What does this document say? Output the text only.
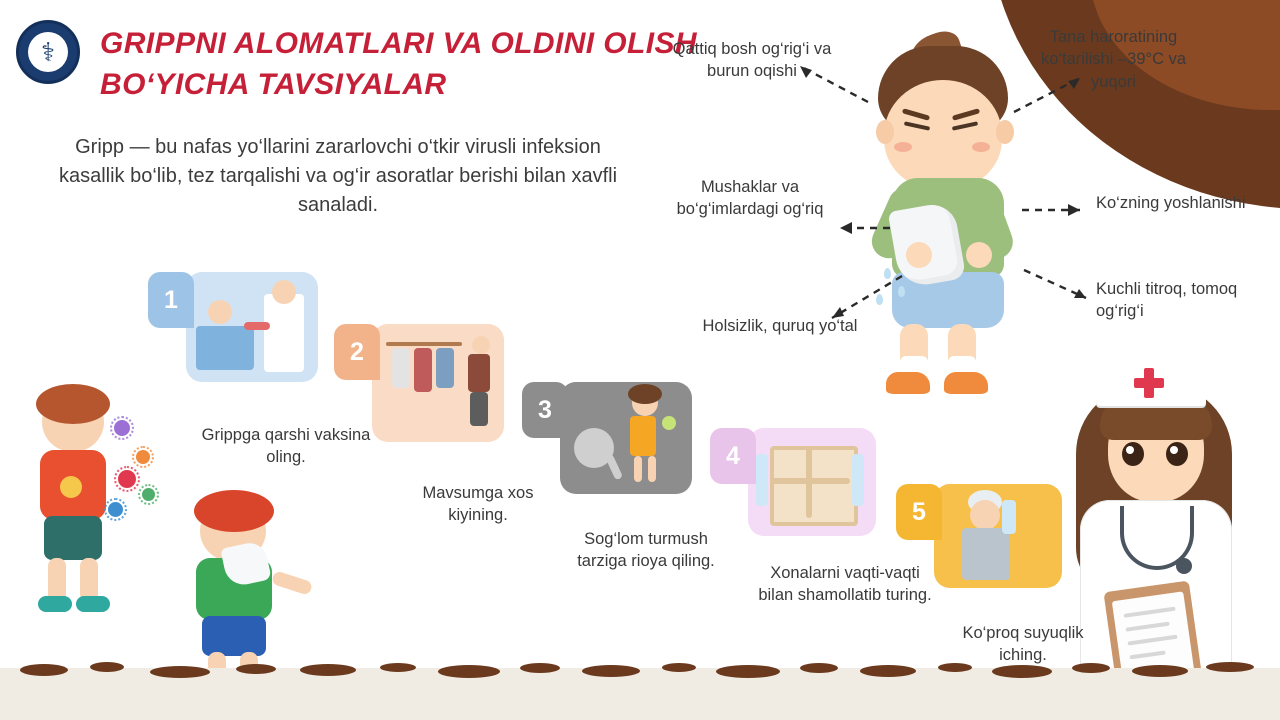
⚕ GRIPPNI ALOMATLARI VA OLDINI OLISH BO‘YICHA TAVSIYALAR
Gripp — bu nafas yo‘llarini zararlovchi o‘tkir virusli infeksion kasallik bo‘lib, tez tarqalishi va og‘ir asoratlar berishi bilan xavfli sanaladi.
Qattiq bosh og‘rig‘i va burun oqishi
Tana haroratining ko‘tarilishi –39°C va yuqori
Mushaklar va bo‘g‘imlardagi og‘riq	Ko‘zning yoshlanishi
Kuchli titroq, tomoq og‘rig‘i
Holsizlik, quruq yo‘tal
1
Grippga qarshi vaksina oling.
2
Mavsumga xos kiyining.
3
Sog‘lom turmush tarziga rioya qiling.
4
Xonalarni vaqti-vaqti bilan shamollatib turing.
5
Ko‘proq suyuqlik iching.
